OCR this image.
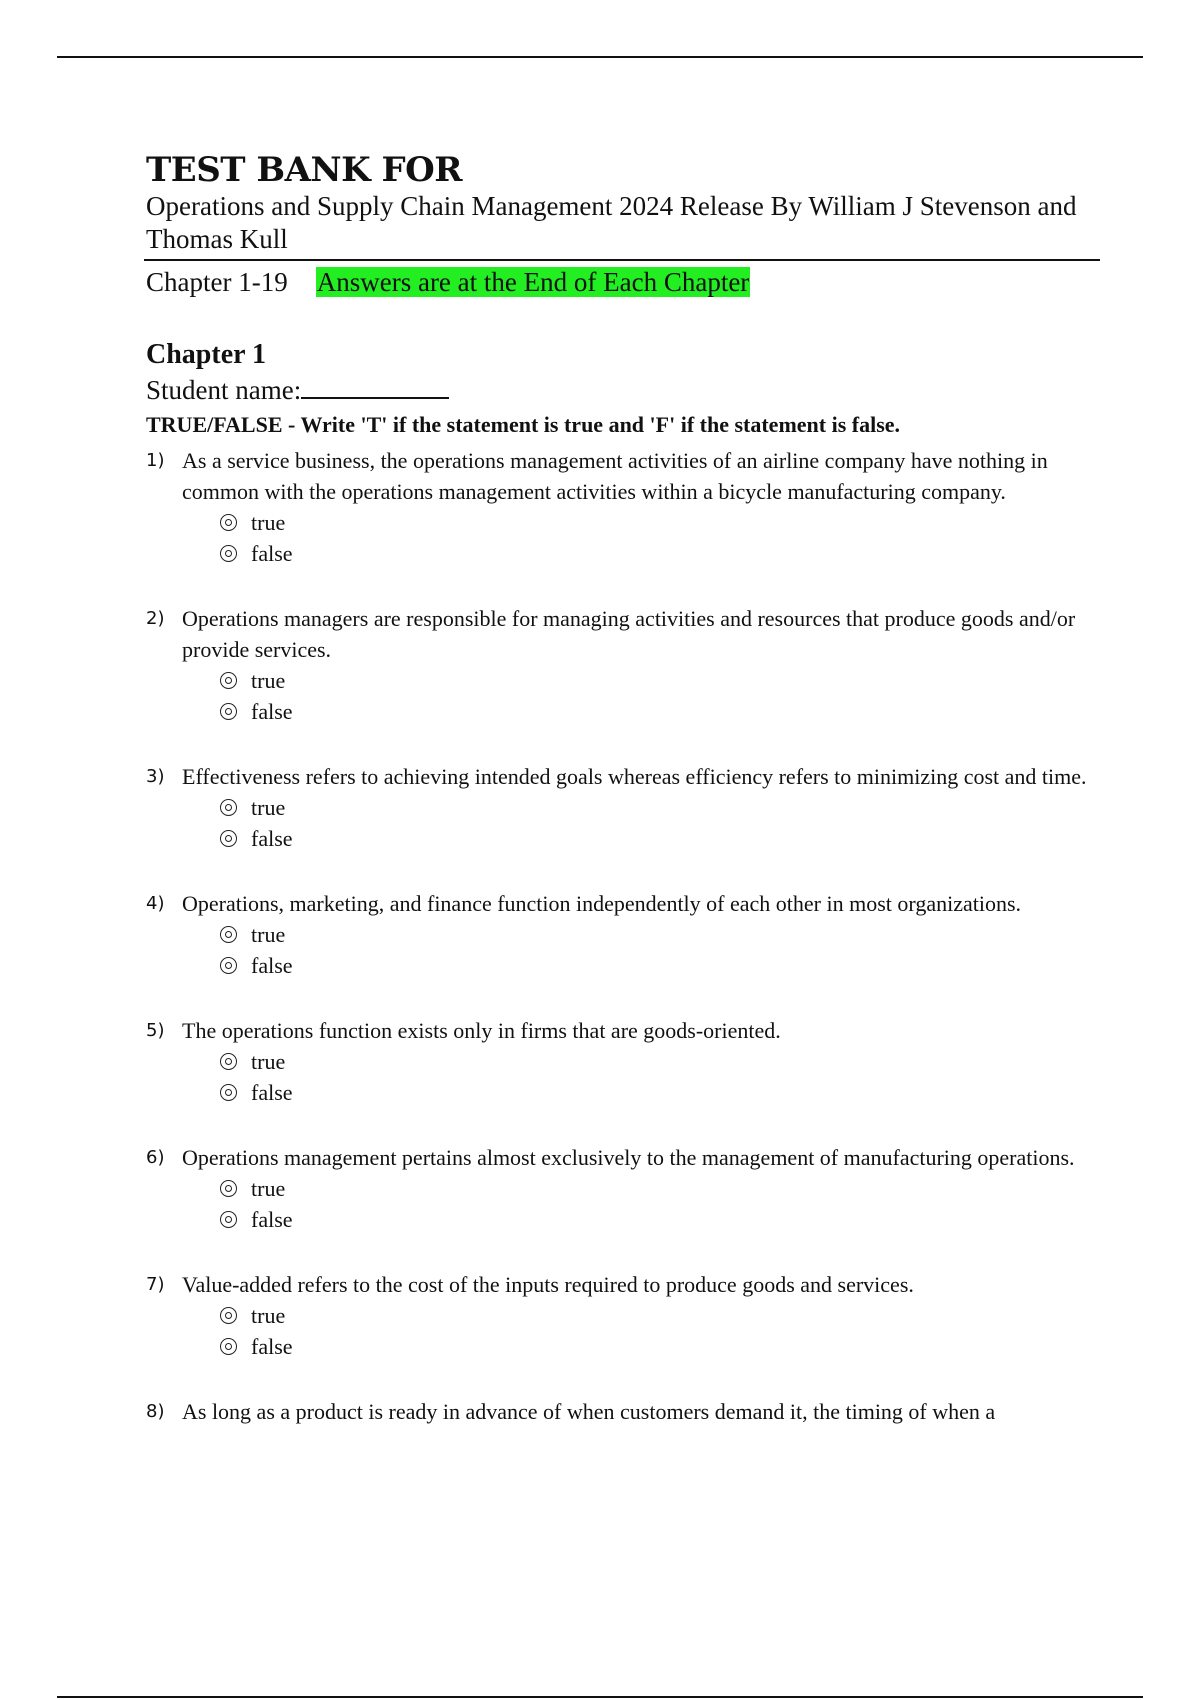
TEST BANK FOR

Operations and Supply Chain Management 2024 Release By William J Stevenson and Thomas Kull

Chapter 1-19 Answers are at the End of Each Chapter
Chapter 1
Student name:
TRUE/FALSE - Write 'T' if the statement is true and 'F' if the statement is false.
1) As a service business, the operations management activities of an airline company have nothing in common with the operations management activities within a bicycle manufacturing company.
true
false
2) Operations managers are responsible for managing activities and resources that produce goods and/or provide services.
true
false
3) Effectiveness refers to achieving intended goals whereas efficiency refers to minimizing cost and time.
true
false
4) Operations, marketing, and finance function independently of each other in most organizations.
true
false
5) The operations function exists only in firms that are goods-oriented.
true
false
6) Operations management pertains almost exclusively to the management of manufacturing operations.
true
false
7) Value-added refers to the cost of the inputs required to produce goods and services.
true
false
8) As long as a product is ready in advance of when customers demand it, the timing of when a
